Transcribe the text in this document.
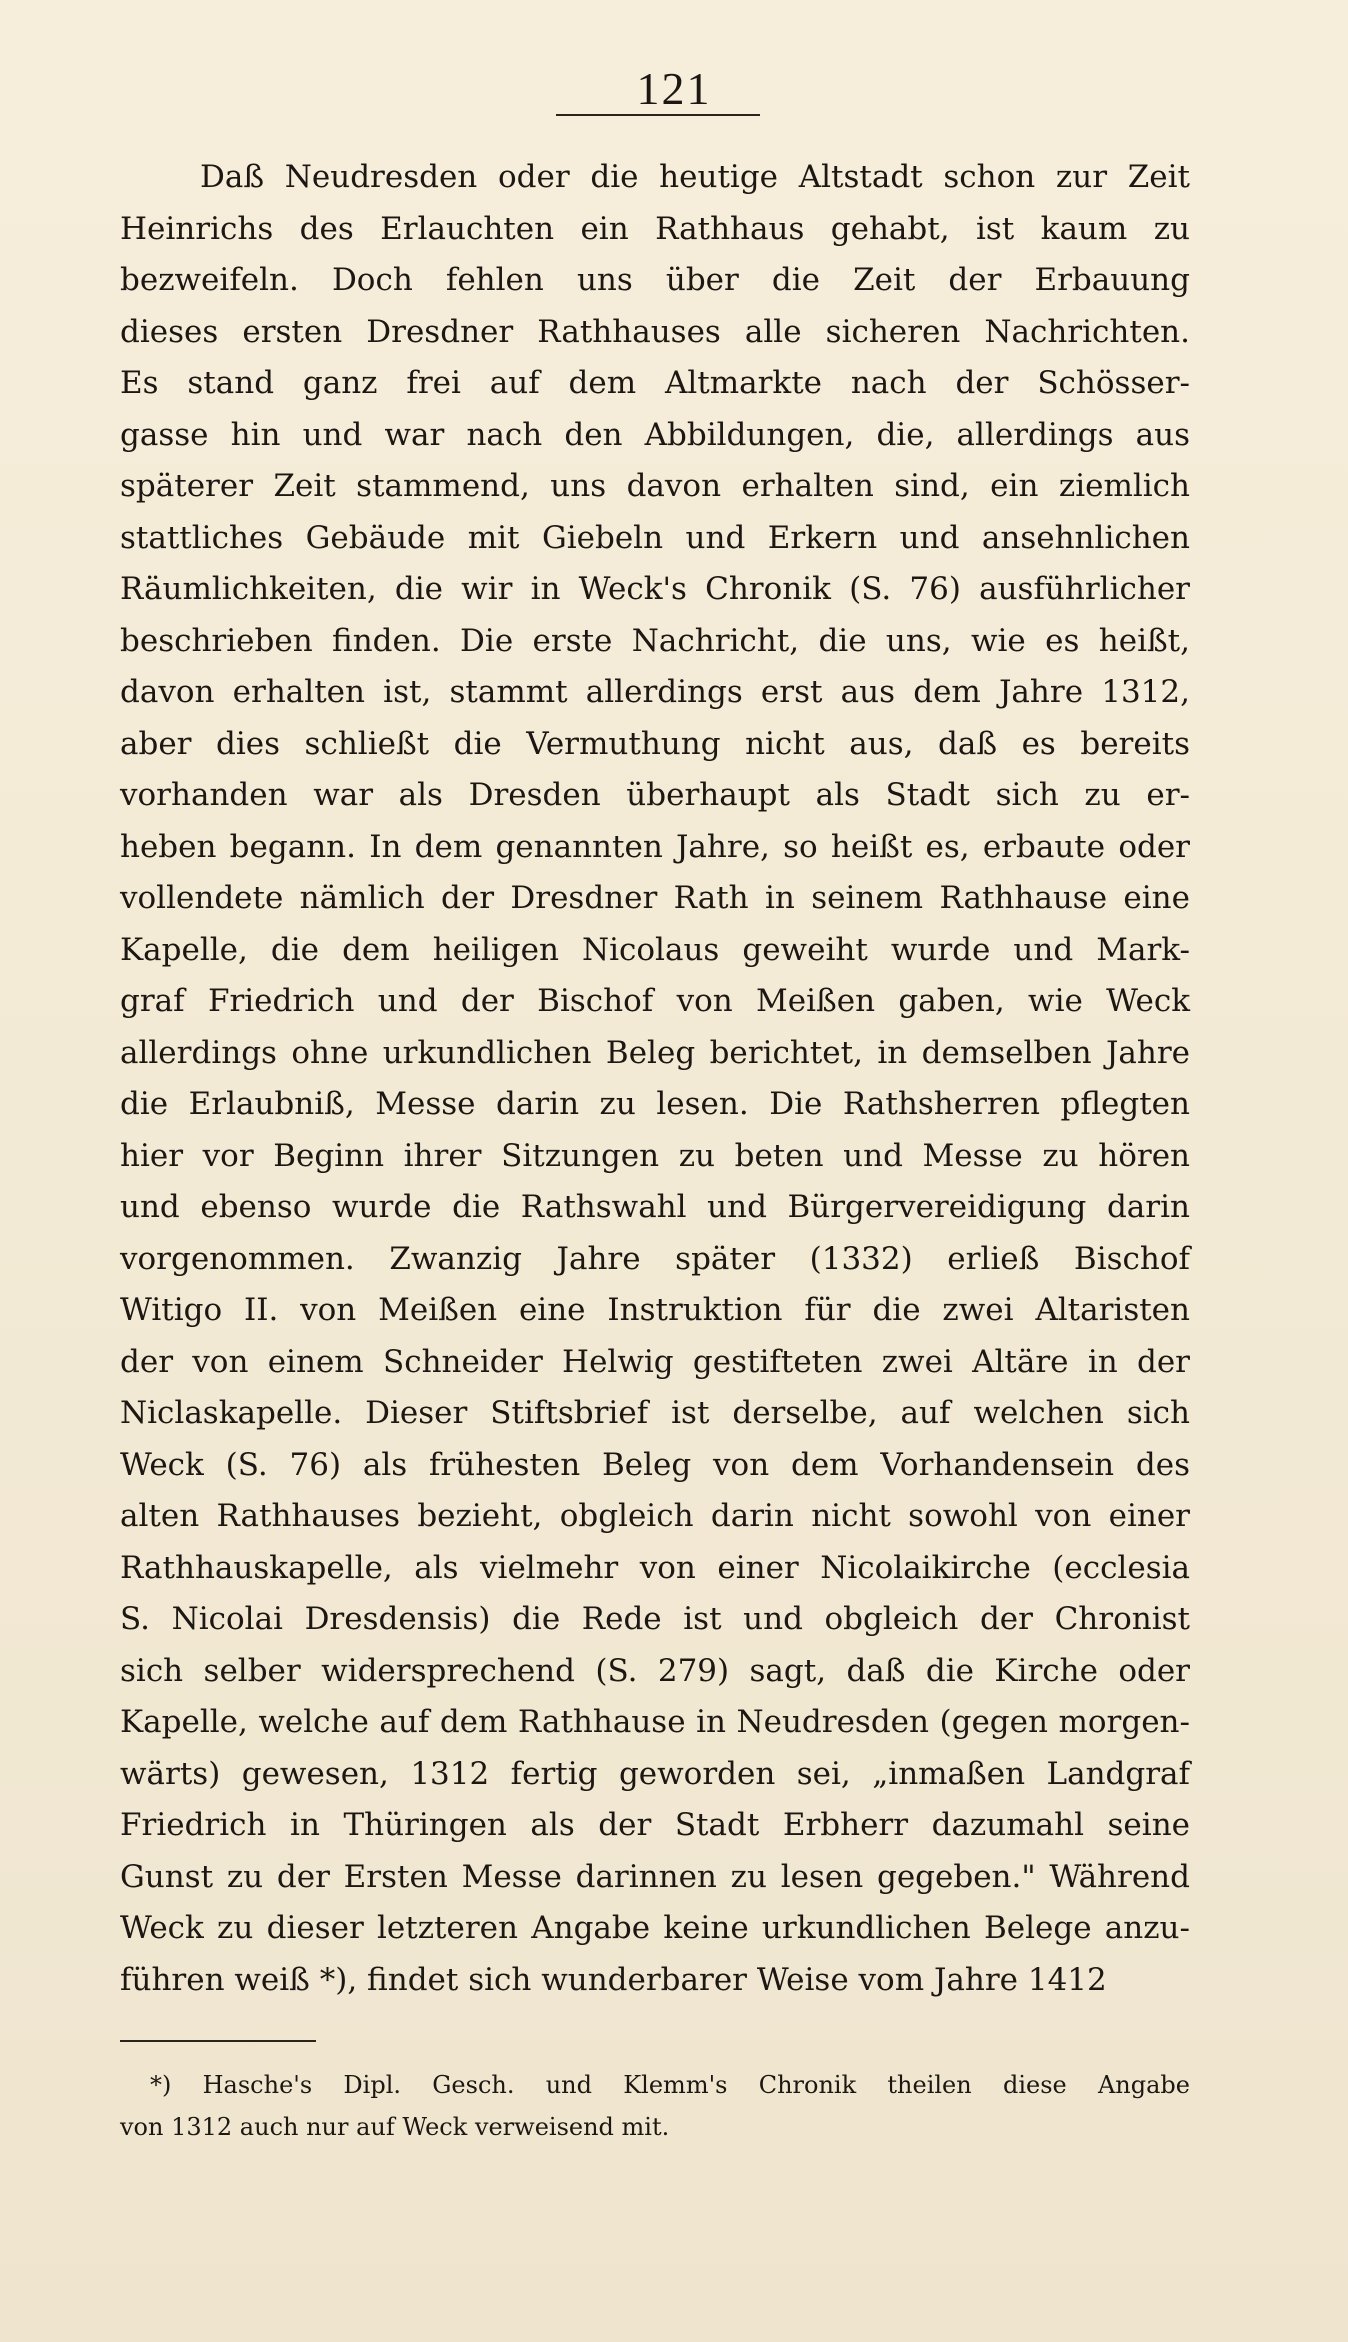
121
Daß Neudresden oder die heutige Altstadt schon zur Zeit
Heinrichs des Erlauchten ein Rathhaus gehabt, ist kaum zu
bezweifeln. Doch fehlen uns über die Zeit der Erbauung
dieses ersten Dresdner Rathhauses alle sicheren Nachrichten.
Es stand ganz frei auf dem Altmarkte nach der Schösser-
gasse hin und war nach den Abbildungen, die, allerdings aus
späterer Zeit stammend, uns davon erhalten sind, ein ziemlich
stattliches Gebäude mit Giebeln und Erkern und ansehnlichen
Räumlichkeiten, die wir in Weck's Chronik (S. 76) ausführlicher
beschrieben finden. Die erste Nachricht, die uns, wie es heißt,
davon erhalten ist, stammt allerdings erst aus dem Jahre 1312,
aber dies schließt die Vermuthung nicht aus, daß es bereits
vorhanden war als Dresden überhaupt als Stadt sich zu er-
heben begann. In dem genannten Jahre, so heißt es, erbaute oder
vollendete nämlich der Dresdner Rath in seinem Rathhause eine
Kapelle, die dem heiligen Nicolaus geweiht wurde und Mark-
graf Friedrich und der Bischof von Meißen gaben, wie Weck
allerdings ohne urkundlichen Beleg berichtet, in demselben Jahre
die Erlaubniß, Messe darin zu lesen. Die Rathsherren pflegten
hier vor Beginn ihrer Sitzungen zu beten und Messe zu hören
und ebenso wurde die Rathswahl und Bürgervereidigung darin
vorgenommen. Zwanzig Jahre später (1332) erließ Bischof
Witigo II. von Meißen eine Instruktion für die zwei Altaristen
der von einem Schneider Helwig gestifteten zwei Altäre in der
Niclaskapelle. Dieser Stiftsbrief ist derselbe, auf welchen sich
Weck (S. 76) als frühesten Beleg von dem Vorhandensein des
alten Rathhauses bezieht, obgleich darin nicht sowohl von einer
Rathhauskapelle, als vielmehr von einer Nicolaikirche (ecclesia
S. Nicolai Dresdensis) die Rede ist und obgleich der Chronist
sich selber widersprechend (S. 279) sagt, daß die Kirche oder
Kapelle, welche auf dem Rathhause in Neudresden (gegen morgen-
wärts) gewesen, 1312 fertig geworden sei, „inmaßen Landgraf
Friedrich in Thüringen als der Stadt Erbherr dazumahl seine
Gunst zu der Ersten Messe darinnen zu lesen gegeben." Während
Weck zu dieser letzteren Angabe keine urkundlichen Belege anzu-
führen weiß *), findet sich wunderbarer Weise vom Jahre 1412
*) Hasche's Dipl. Gesch. und Klemm's Chronik theilen diese Angabe
von 1312 auch nur auf Weck verweisend mit.
